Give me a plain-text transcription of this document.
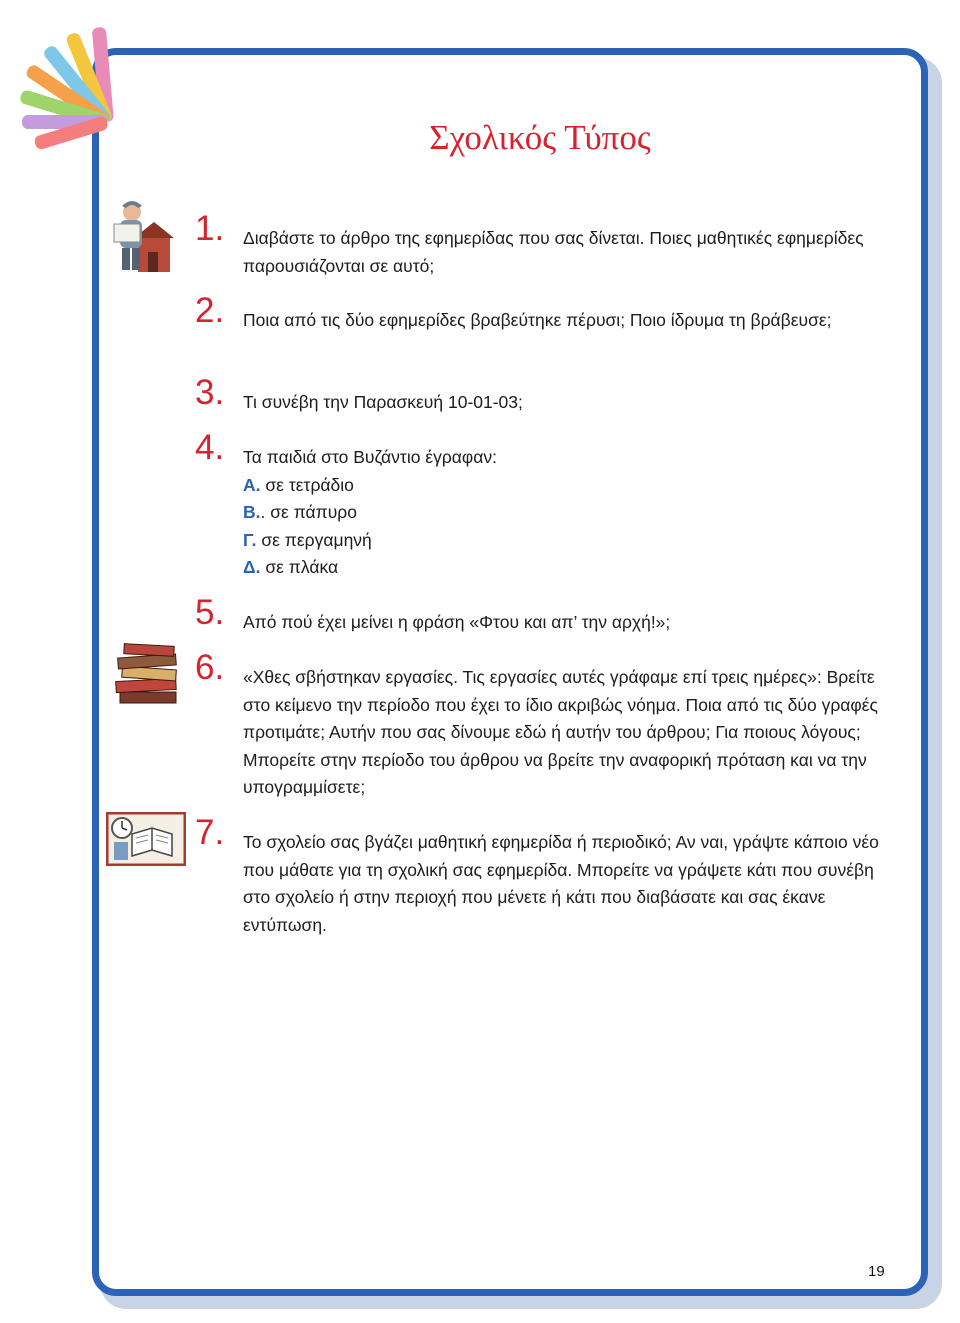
Σχολικός Τύπος
1. Διαβάστε το άρθρο της εφημερίδας που σας δίνεται. Ποιες μαθητικές εφημερίδες παρουσιάζονται σε αυτό;
2. Ποια από τις δύο εφημερίδες βραβεύτηκε πέρυσι; Ποιο ίδρυμα τη βράβευσε;
3. Τι συνέβη την Παρασκευή 10-01-03;
4. Τα παιδιά στο Βυζάντιο έγραφαν:
Α. σε τετράδιο
Β.. σε πάπυρο
Γ. σε περγαμηνή
Δ. σε πλάκα
5. Από πού έχει μείνει η φράση «Φτου και απ’ την αρχή!»;
6. «Χθες σβήστηκαν εργασίες. Τις εργασίες αυτές γράφαμε επί τρεις ημέρες»: Βρείτε στο κείμενο την περίοδο που έχει το ίδιο ακριβώς νόημα. Ποια από τις δύο γραφές προτιμάτε; Αυτήν που σας δίνουμε εδώ ή αυτήν του άρθρου; Για ποιους λόγους; Μπορείτε στην περίοδο του άρθρου να βρείτε την αναφορική πρόταση και να την υπογραμμίσετε;
7. Το σχολείο σας βγάζει μαθητική εφημερίδα ή περιοδικό; Αν ναι, γράψτε κάποιο νέο που μάθατε για τη σχολική σας εφημερίδα. Μπορείτε να γράψετε κάτι που συνέβη στο σχολείο ή στην περιοχή που μένετε ή κάτι που διαβάσατε και σας έκανε εντύπωση.
19
